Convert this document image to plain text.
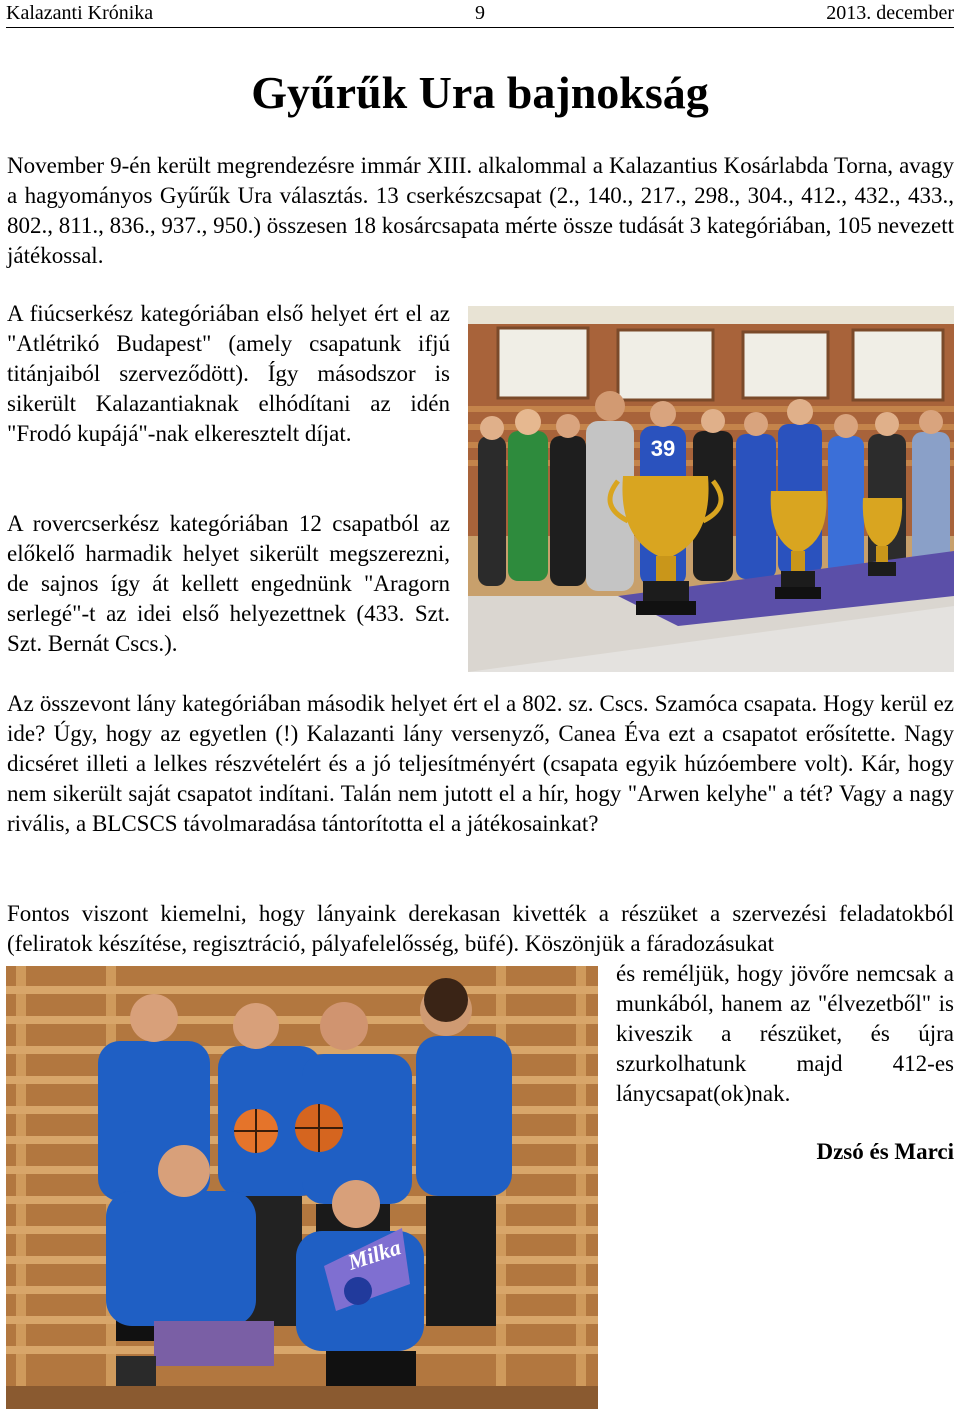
Kalazanti Krónika	9	2013. december
Gyűrűk Ura bajnokság

November 9-én került megrendezésre immár XIII. alkalommal a Kalazantius Kosárlabda Torna, avagy a hagyományos Gyűrűk Ura választás. 13 cserkészcsapat (2., 140., 217., 298., 304., 412., 432., 433., 802., 811., 836., 937., 950.) összesen 18 kosárcsapata mérte össze tudását 3 kategóriában, 105 nevezett játékossal.

A fiúcserkész kategóriában első helyet ért el az "Atlétrikó Budapest" (amely csapatunk ifjú titánjaiból szerveződött). Így másodszor is sikerült Kalazantiaknak elhódítani az idén "Frodó kupájá"-nak elkeresztelt díjat.

A rovercserkész kategóriában 12 csapatból az előkelő harmadik helyet sikerült megszerezni, de sajnos így át kellett engednünk "Aragorn serlegé"-t az idei első helyezettnek (433. Szt. Szt. Bernát Cscs.).

39

Az összevont lány kategóriában második helyet ért el a 802. sz. Cscs. Szamóca csapata. Hogy kerül ez ide? Úgy, hogy az egyetlen (!) Kalazanti lány versenyző, Canea Éva ezt a csapatot erősítette. Nagy dicséret illeti a lelkes részvételért és a jó teljesítményért (csapata egyik húzóembere volt). Kár, hogy nem sikerült saját csapatot indítani. Talán nem jutott el a hír, hogy "Arwen kelyhe" a tét? Vagy a nagy rivális, a BLCSCS távolmaradása tántorította el a játékosainkat?

Fontos viszont kiemelni, hogy lányaink derekasan kivették a részüket a szervezési feladatokból (feliratok készítése, regisztráció, pályafelelősség, büfé). Köszönjük a fáradozásukat

Milka

és reméljük, hogy jövőre nemcsak a munkából, hanem az "élvezetből" is kiveszik a részüket, és újra szurkolhatunk majd 412-es lánycsapat(ok)nak.

Dzsó és Marci
